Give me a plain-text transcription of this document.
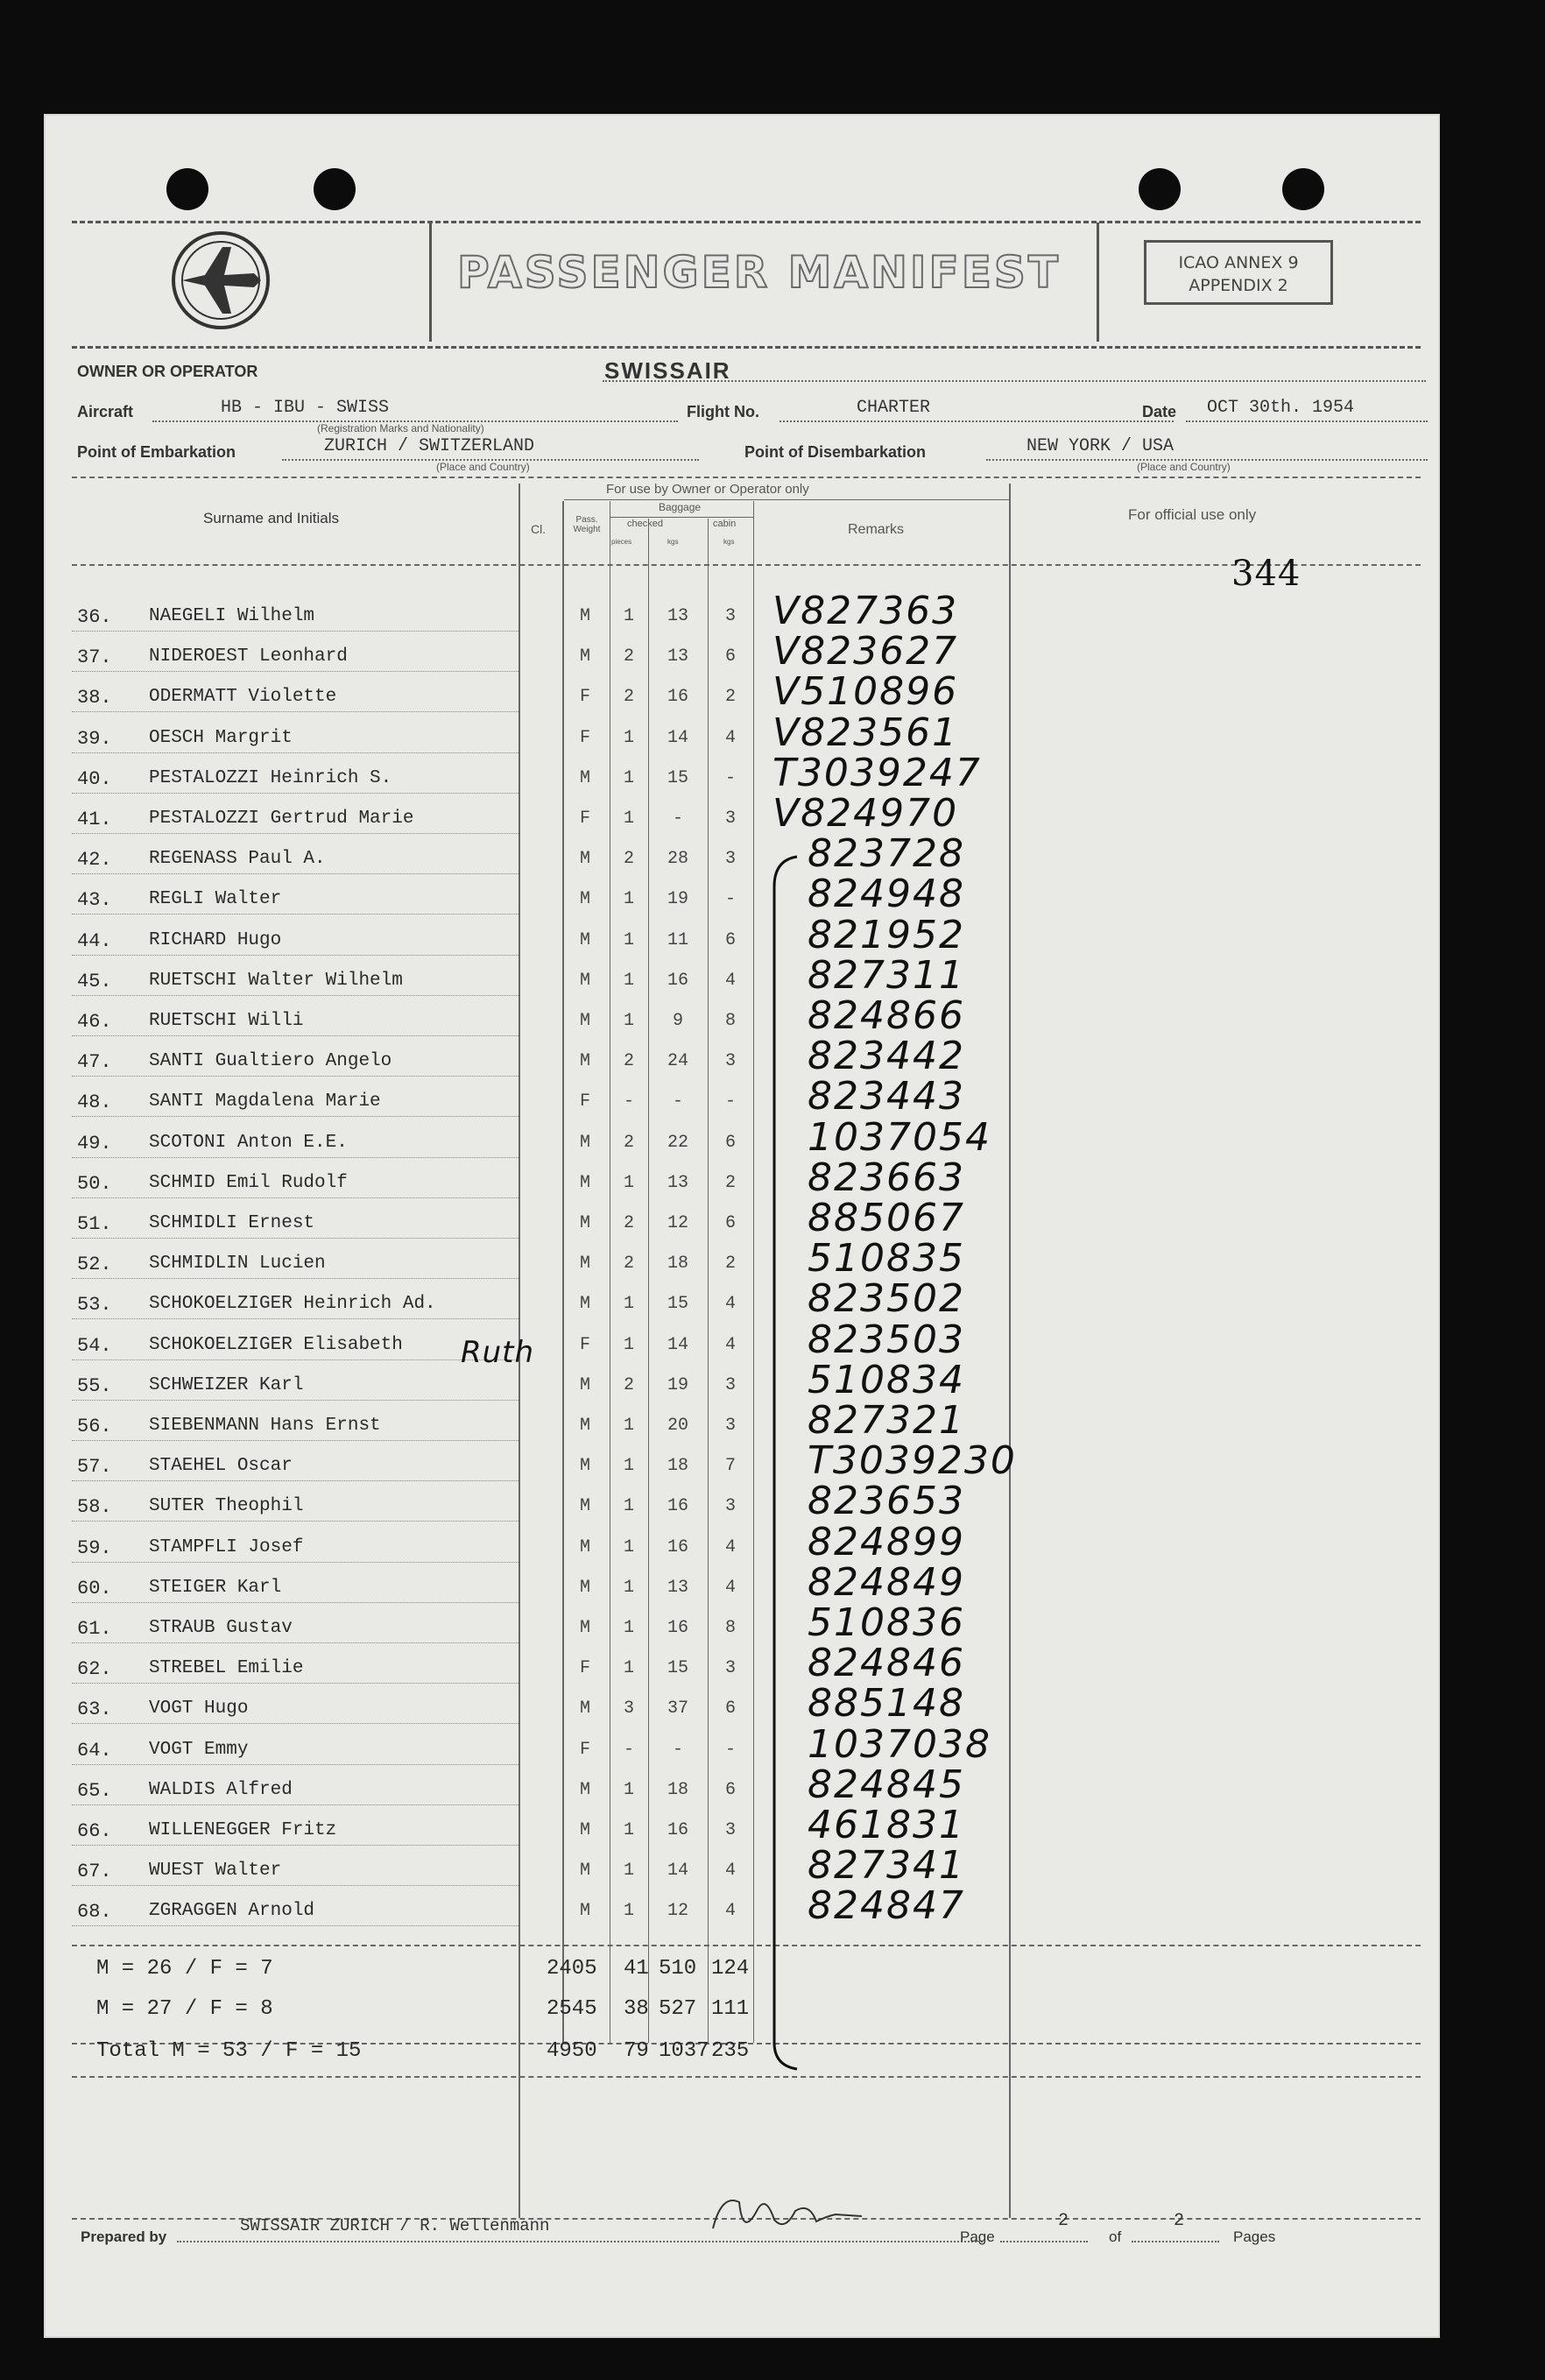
PASSENGER MANIFEST	ICAO ANNEX 9
APPENDIX 2
OWNER OR OPERATOR	SWISSAIR
Aircraft	HB - IBU - SWISS
(Registration Marks and Nationality)
Flight No.	CHARTER	Date OCT 30th. 1954
Point of Embarkation	ZURICH / SWITZERLAND
(Place and Country)
Point of Disembarkation	NEW YORK / USA
(Place and Country)
Surname and Initials
For use by Owner or Operator only
Cl.
Pass. Weight
Baggage
checked	cabin
pieces	kgs	kgs
Remarks
For official use only
344
36. NAEGELI Wilhelm	M	1	13	3 V827363
37. NIDEROEST Leonhard	M	2	13	6 V823627
38. ODERMATT Violette	F	2	16	2 V510896
39. OESCH Margrit	F	1	14	4 V823561
40. PESTALOZZI Heinrich S.	M	1	15	- T3039247
41. PESTALOZZI Gertrud Marie	F	1	-	3 V824970
42. REGENASS Paul A.	M	2	28	3	823728
43. REGLI Walter	M	1	19	-	824948
44. RICHARD Hugo	M	1	11	6	821952
45. RUETSCHI Walter Wilhelm	M	1	16	4	827311
46. RUETSCHI Willi	M	1	9	8	824866
47. SANTI Gualtiero Angelo	M	2	24	3	823442
48. SANTI Magdalena Marie	F	-	-	-	823443
49. SCOTONI Anton E.E.	M	2	22	6	1037054
50. SCHMID Emil Rudolf	M	1	13	2	823663
51. SCHMIDLI Ernest	M	2	12	6	885067
52. SCHMIDLIN Lucien	M	2	18	2	510835
53. SCHOKOELZIGER Heinrich Ad.	M	1	15	4	823502
54. SCHOKOELZIGER Elisabeth	F	1	14	4	823503
55. SCHWEIZER Karl	M	2	19	3	510834
56. SIEBENMANN Hans Ernst	M	1	20	3	827321
57. STAEHEL Oscar	M	1	18	7	T3039230
58. SUTER Theophil	M	1	16	3	823653
59. STAMPFLI Josef	M	1	16	4	824899
60. STEIGER Karl	M	1	13	4	824849
61. STRAUB Gustav	M	1	16	8	510836
62. STREBEL Emilie	F	1	15	3	824846
63. VOGT Hugo	M	3	37	6	885148
64. VOGT Emmy	F	-	-	-	1037038
65. WALDIS Alfred	M	1	18	6	824845
66. WILLENEGGER Fritz	M	1	16	3	461831
67. WUEST Walter	M	1	14	4	827341
68. ZGRAGGEN Arnold	M	1	12	4	824847
Ruth
M = 26 / F = 7	2405 41 510 124
M = 27 / F = 8	2545 38 527 111
Total M = 53 / F = 15	4950 79 1037 235
Prepared by
SWISSAIR ZURICH / R. Wellenmann
Page
2
of
2
Pages
